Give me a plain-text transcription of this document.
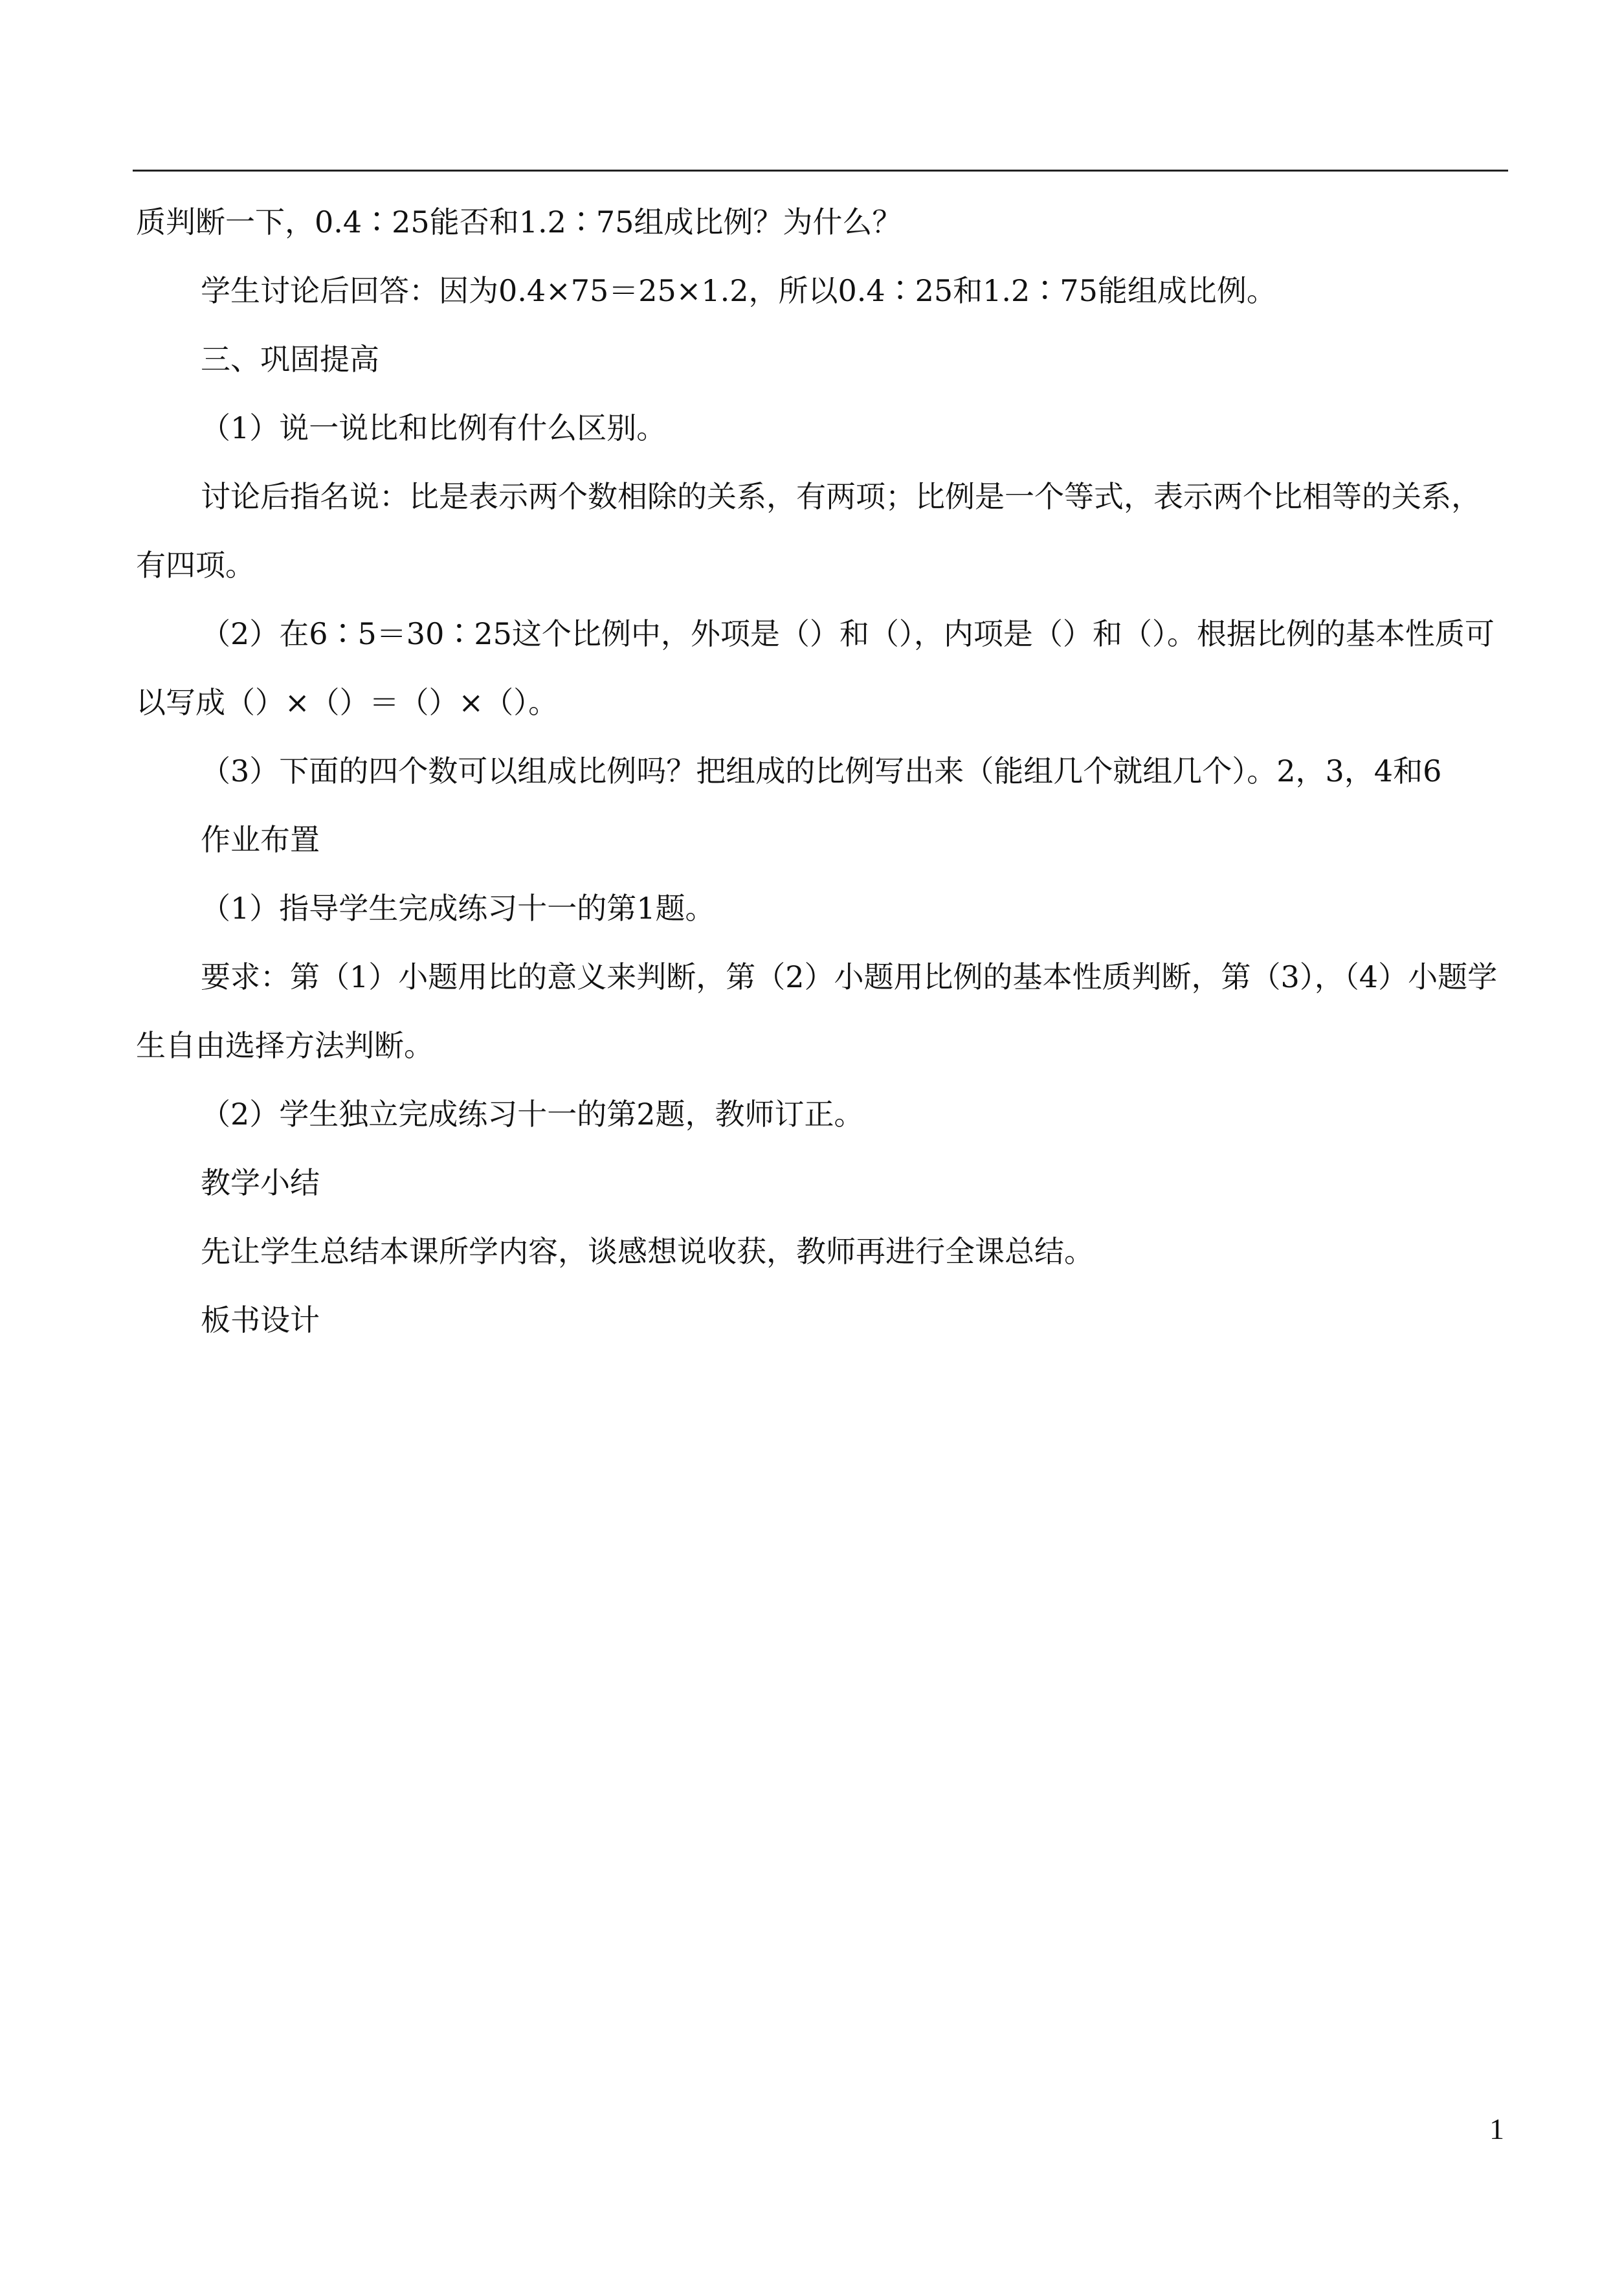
质判断一下，0.4∶25能否和1.2∶75组成比例？为什么？

学生讨论后回答：因为0.4×75＝25×1.2，所以0.4∶25和1.2∶75能组成比例。

三、巩固提高

（1）说一说比和比例有什么区别。

讨论后指名说：比是表示两个数相除的关系，有两项；比例是一个等式，表示两个比相等的关系，有四项。

（2）在6∶5＝30∶25这个比例中，外项是（）和（），内项是（）和（）。根据比例的基本性质可以写成（）×（）＝（）×（）。

（3）下面的四个数可以组成比例吗？把组成的比例写出来（能组几个就组几个）。2，3，4和6

作业布置

（1）指导学生完成练习十一的第1题。

要求：第（1）小题用比的意义来判断，第（2）小题用比例的基本性质判断，第（3），（4）小题学生自由选择方法判断。

（2）学生独立完成练习十一的第2题，教师订正。

教学小结

先让学生总结本课所学内容，谈感想说收获，教师再进行全课总结。

板书设计

1
